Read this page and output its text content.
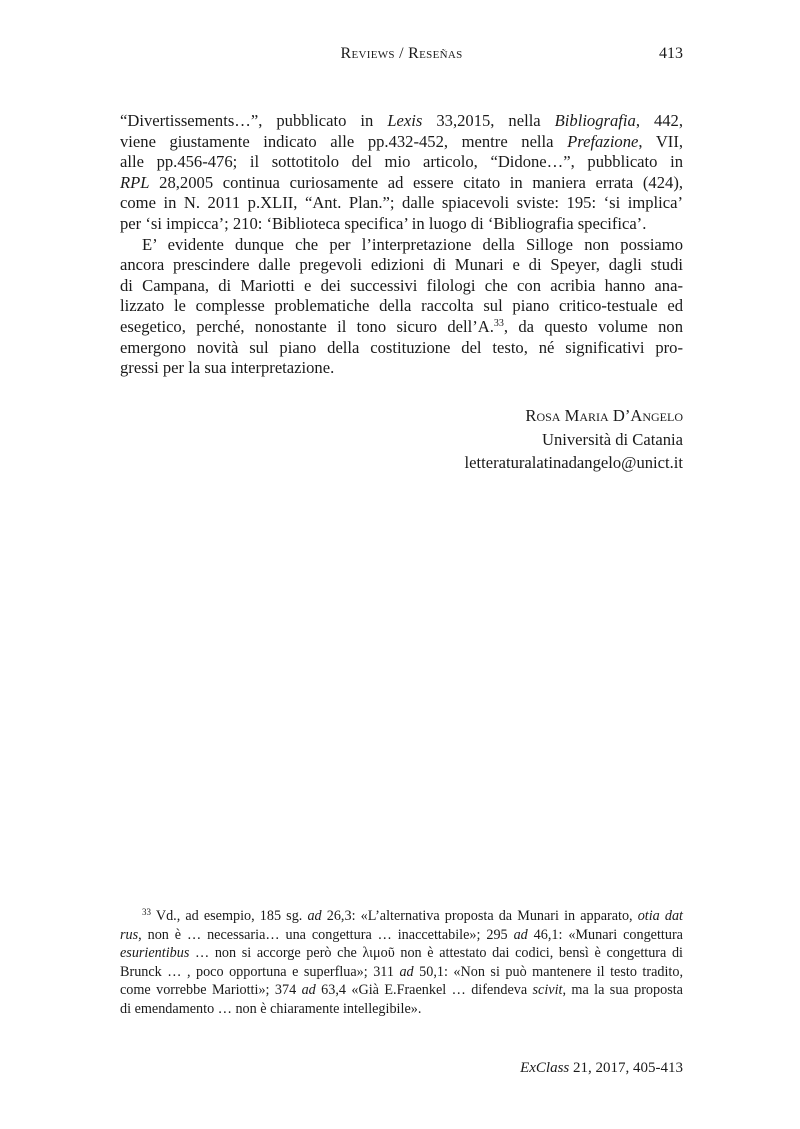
Reviews / Reseñas	413
“Divertissements…”, pubblicato in Lexis 33,2015, nella Bibliografia, 442,
viene giustamente indicato alle pp.432-452, mentre nella Prefazione, VII,
alle pp.456-476; il sottotitolo del mio articolo, “Didone…”, pubblicato in
RPL 28,2005 continua curiosamente ad essere citato in maniera errata (424),
come in N. 2011 p.XLII, “Ant. Plan.”; dalle spiacevoli sviste: 195: ‘si implica’
per ‘si impicca’; 210: ‘Biblioteca specifica’ in luogo di ‘Bibliografia specifica’.
E’ evidente dunque che per l’interpretazione della Silloge non possiamo
ancora prescindere dalle pregevoli edizioni di Munari e di Speyer, dagli studi
di Campana, di Mariotti e dei successivi filologi che con acribia hanno ana-
lizzato le complesse problematiche della raccolta sul piano critico-testuale ed
esegetico, perché, nonostante il tono sicuro dell’A.$^{33}$, da questo volume non
emergono novità sul piano della costituzione del testo, né significativi pro-
gressi per la sua interpretazione.
Rosa Maria D’Angelo
Università di Catania
letteraturalatinadangelo@unict.it
$^{33}$ Vd., ad esempio, 185 sg. ad 26,3: «L’alternativa proposta da Munari in apparato, otia dat
rus, non è … necessaria… una congettura … inaccettabile»; 295 ad 46,1: «Munari congettura
esurientibus … non si accorge però che λιμοῦ non è attestato dai codici, bensì è congettura di
Brunck … , poco opportuna e superflua»; 311 ad 50,1: «Non si può mantenere il testo tradito,
come vorrebbe Mariotti»; 374 ad 63,4 «Già E.Fraenkel … difendeva scivit, ma la sua proposta
di emendamento … non è chiaramente intellegibile».
ExClass 21, 2017, 405-413
